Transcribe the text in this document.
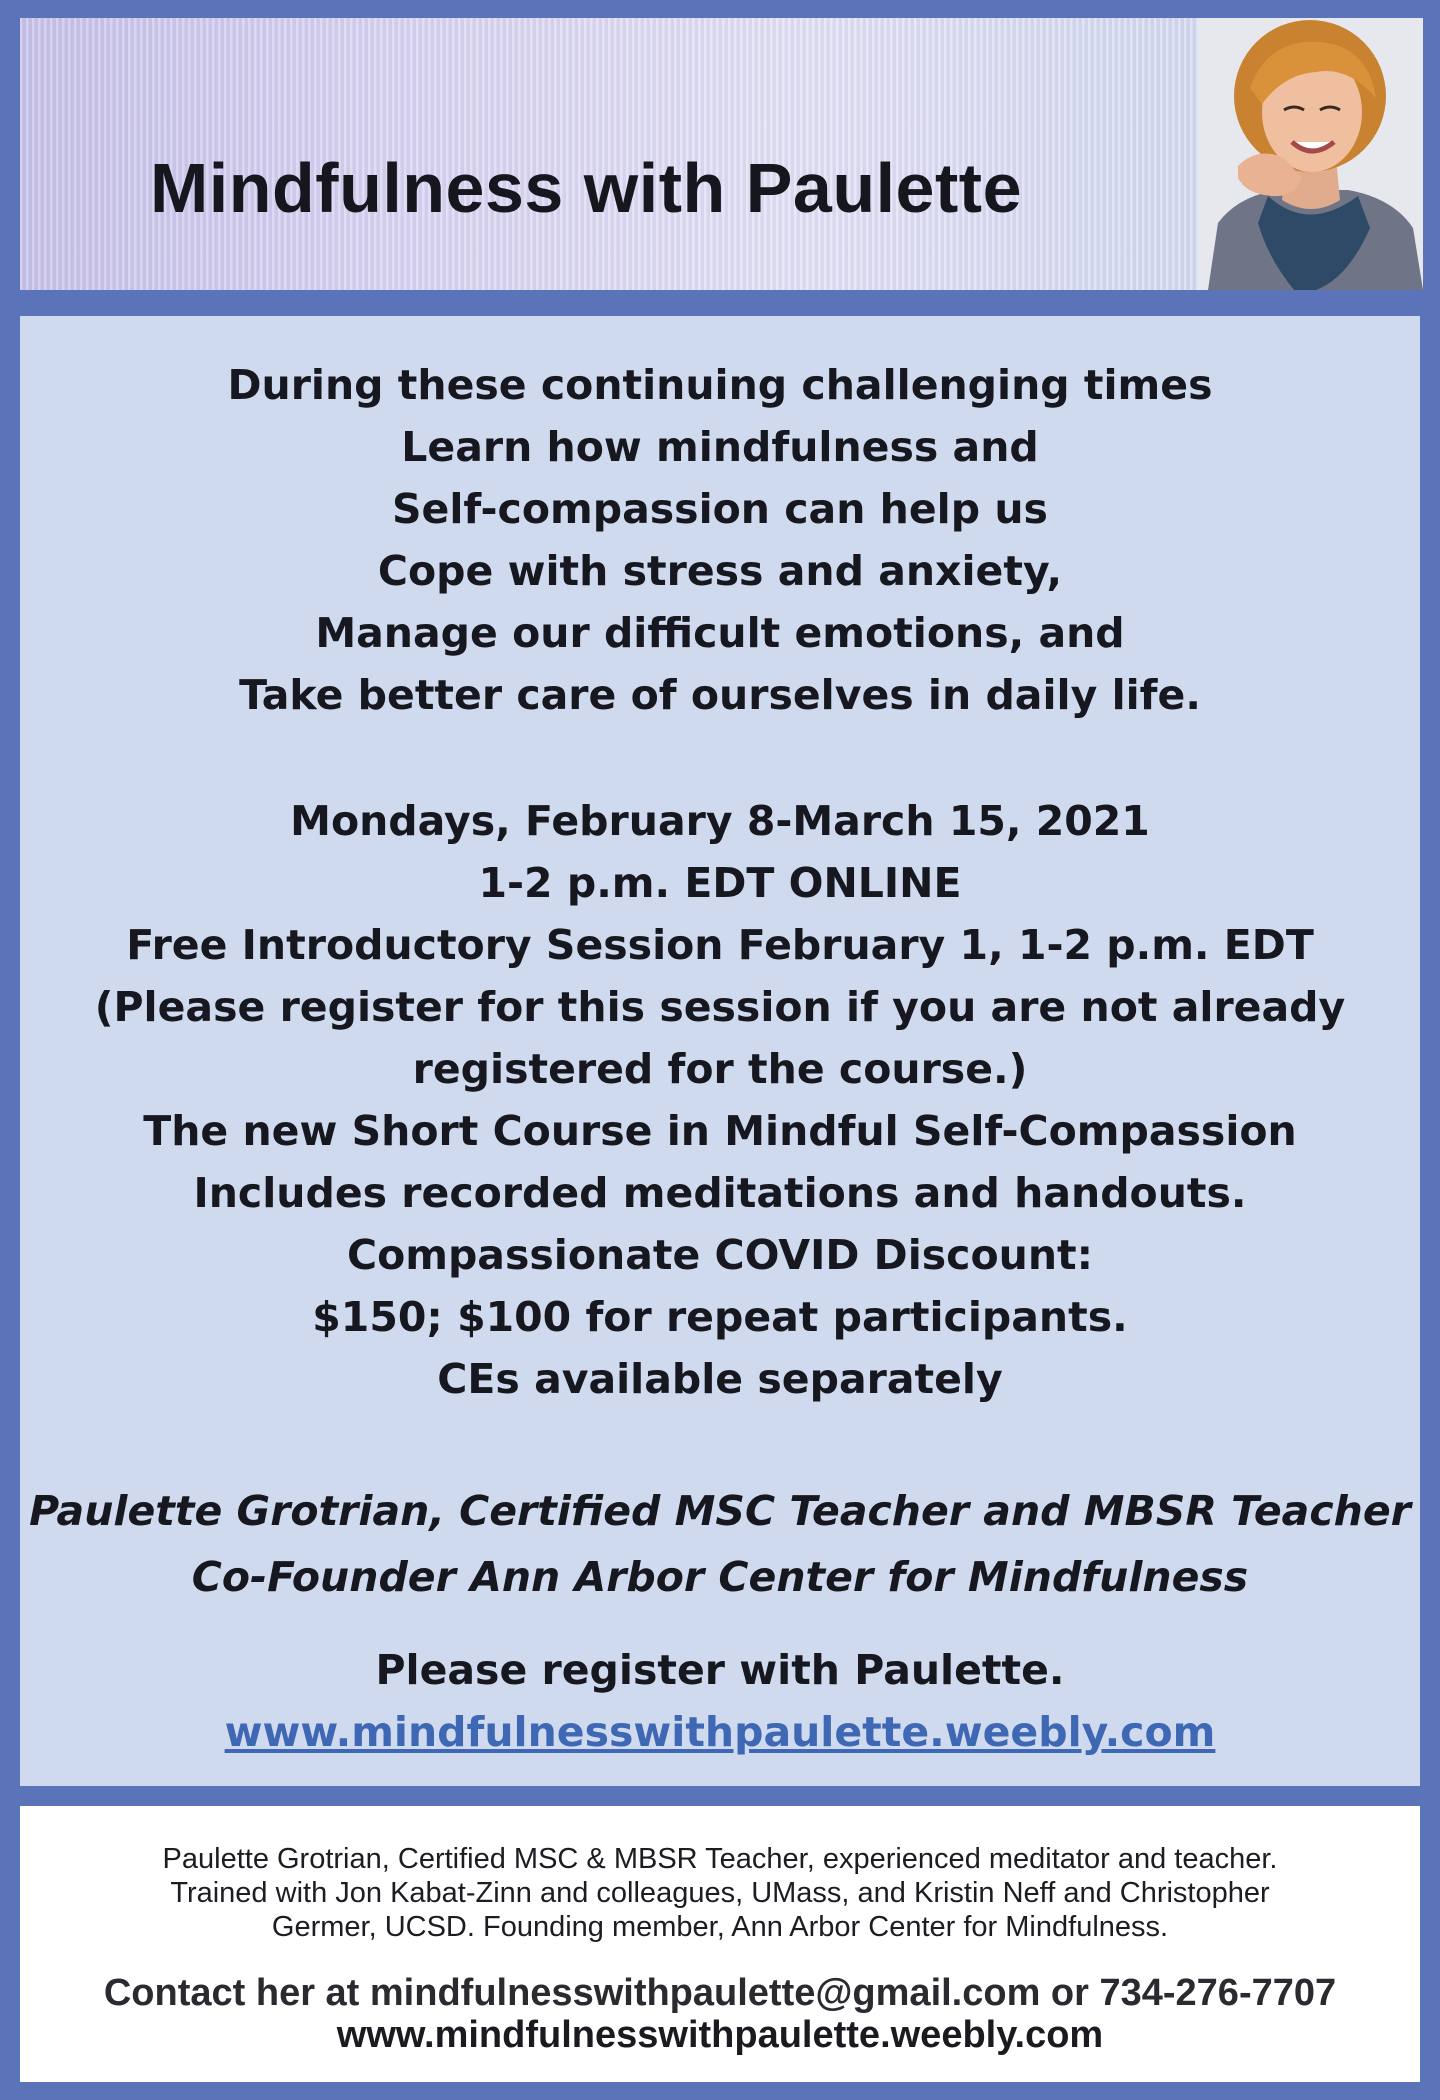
Mindfulness with Paulette
During these continuing challenging times
Learn how mindfulness and
Self-compassion can help us
Cope with stress and anxiety,
Manage our difficult emotions, and
Take better care of ourselves in daily life.
Mondays, February 8-March 15, 2021
1-2 p.m. EDT ONLINE
Free Introductory Session February 1, 1-2 p.m. EDT
(Please register for this session if you are not already
registered for the course.)
The new Short Course in Mindful Self-Compassion
Includes recorded meditations and handouts.
Compassionate COVID Discount:
$150; $100 for repeat participants.
CEs available separately
Paulette Grotrian, Certified MSC Teacher and MBSR Teacher
Co-Founder Ann Arbor Center for Mindfulness
Please register with Paulette.
www.mindfulnesswithpaulette.weebly.com
Paulette Grotrian, Certified MSC & MBSR Teacher, experienced meditator and teacher.
Trained with Jon Kabat-Zinn and colleagues, UMass, and Kristin Neff and Christopher
Germer, UCSD. Founding member, Ann Arbor Center for Mindfulness.
Contact her at mindfulnesswithpaulette@gmail.com or 734-276-7707
www.mindfulnesswithpaulette.weebly.com
